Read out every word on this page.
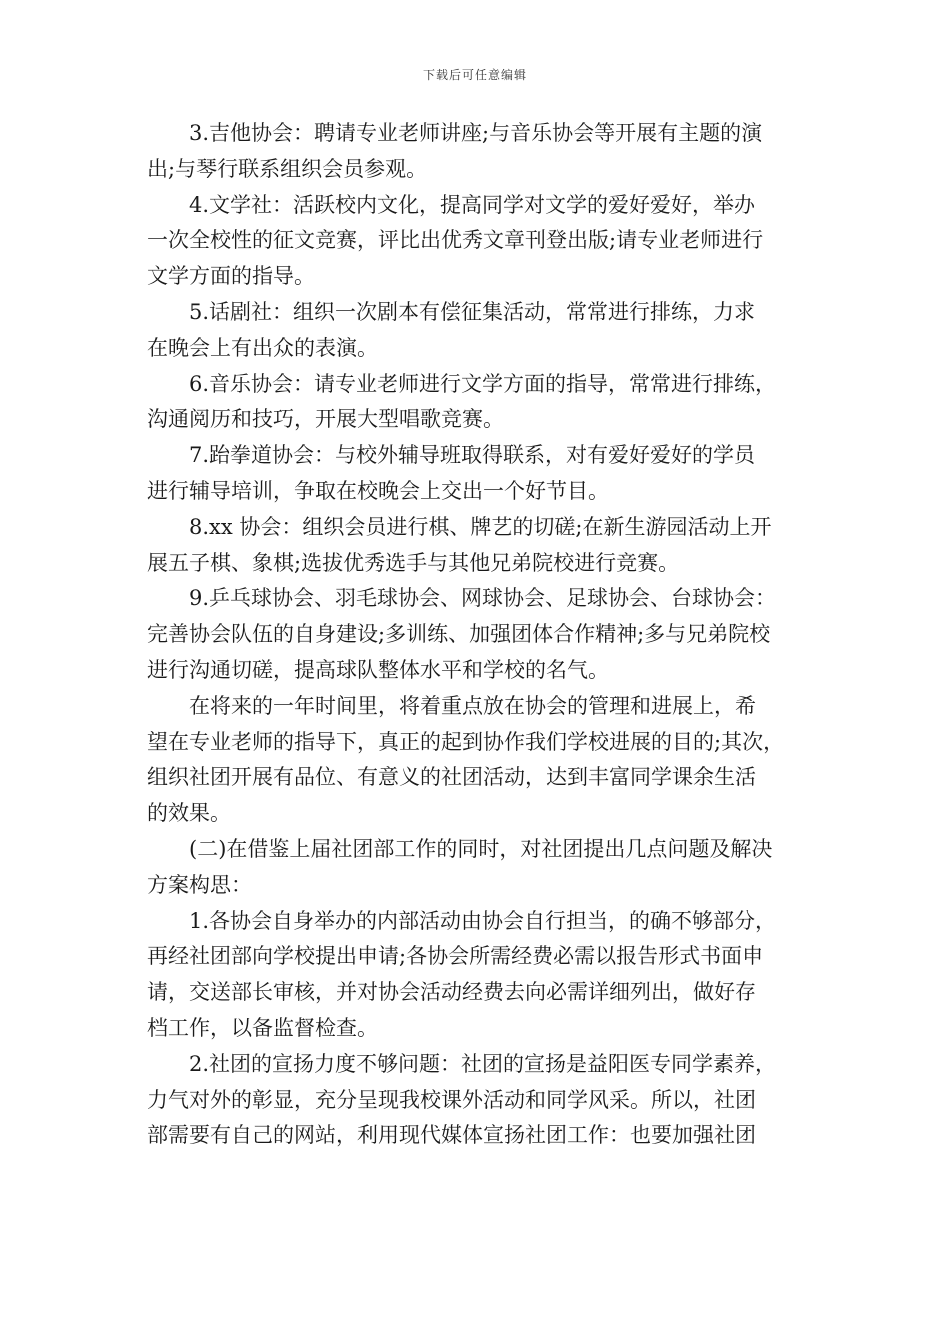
下载后可任意编辑

3.吉他协会：聘请专业老师讲座;与音乐协会等开展有主题的演
出;与琴行联系组织会员参观。

4.文学社：活跃校内文化，提高同学对文学的爱好爱好，举办
一次全校性的征文竞赛，评比出优秀文章刊登出版;请专业老师进行
文学方面的指导。

5.话剧社：组织一次剧本有偿征集活动，常常进行排练，力求
在晚会上有出众的表演。

6.音乐协会：请专业老师进行文学方面的指导，常常进行排练，
沟通阅历和技巧，开展大型唱歌竞赛。

7.跆拳道协会：与校外辅导班取得联系，对有爱好爱好的学员
进行辅导培训，争取在校晚会上交出一个好节目。

8.xx 协会：组织会员进行棋、牌艺的切磋;在新生游园活动上开
展五子棋、象棋;选拔优秀选手与其他兄弟院校进行竞赛。

9.乒乓球协会、羽毛球协会、网球协会、足球协会、台球协会：
完善协会队伍的自身建设;多训练、加强团体合作精神;多与兄弟院校
进行沟通切磋，提高球队整体水平和学校的名气。

在将来的一年时间里，将着重点放在协会的管理和进展上，希
望在专业老师的指导下，真正的起到协作我们学校进展的目的;其次，
组织社团开展有品位、有意义的社团活动，达到丰富同学课余生活
的效果。

(二)在借鉴上届社团部工作的同时，对社团提出几点问题及解决
方案构思：

1.各协会自身举办的内部活动由协会自行担当，的确不够部分，
再经社团部向学校提出申请;各协会所需经费必需以报告形式书面申
请，交送部长审核，并对协会活动经费去向必需详细列出，做好存
档工作，以备监督检查。

2.社团的宣扬力度不够问题：社团的宣扬是益阳医专同学素养，
力气对外的彰显，充分呈现我校课外活动和同学风采。所以，社团
部需要有自己的网站，利用现代媒体宣扬社团工作：也要加强社团
